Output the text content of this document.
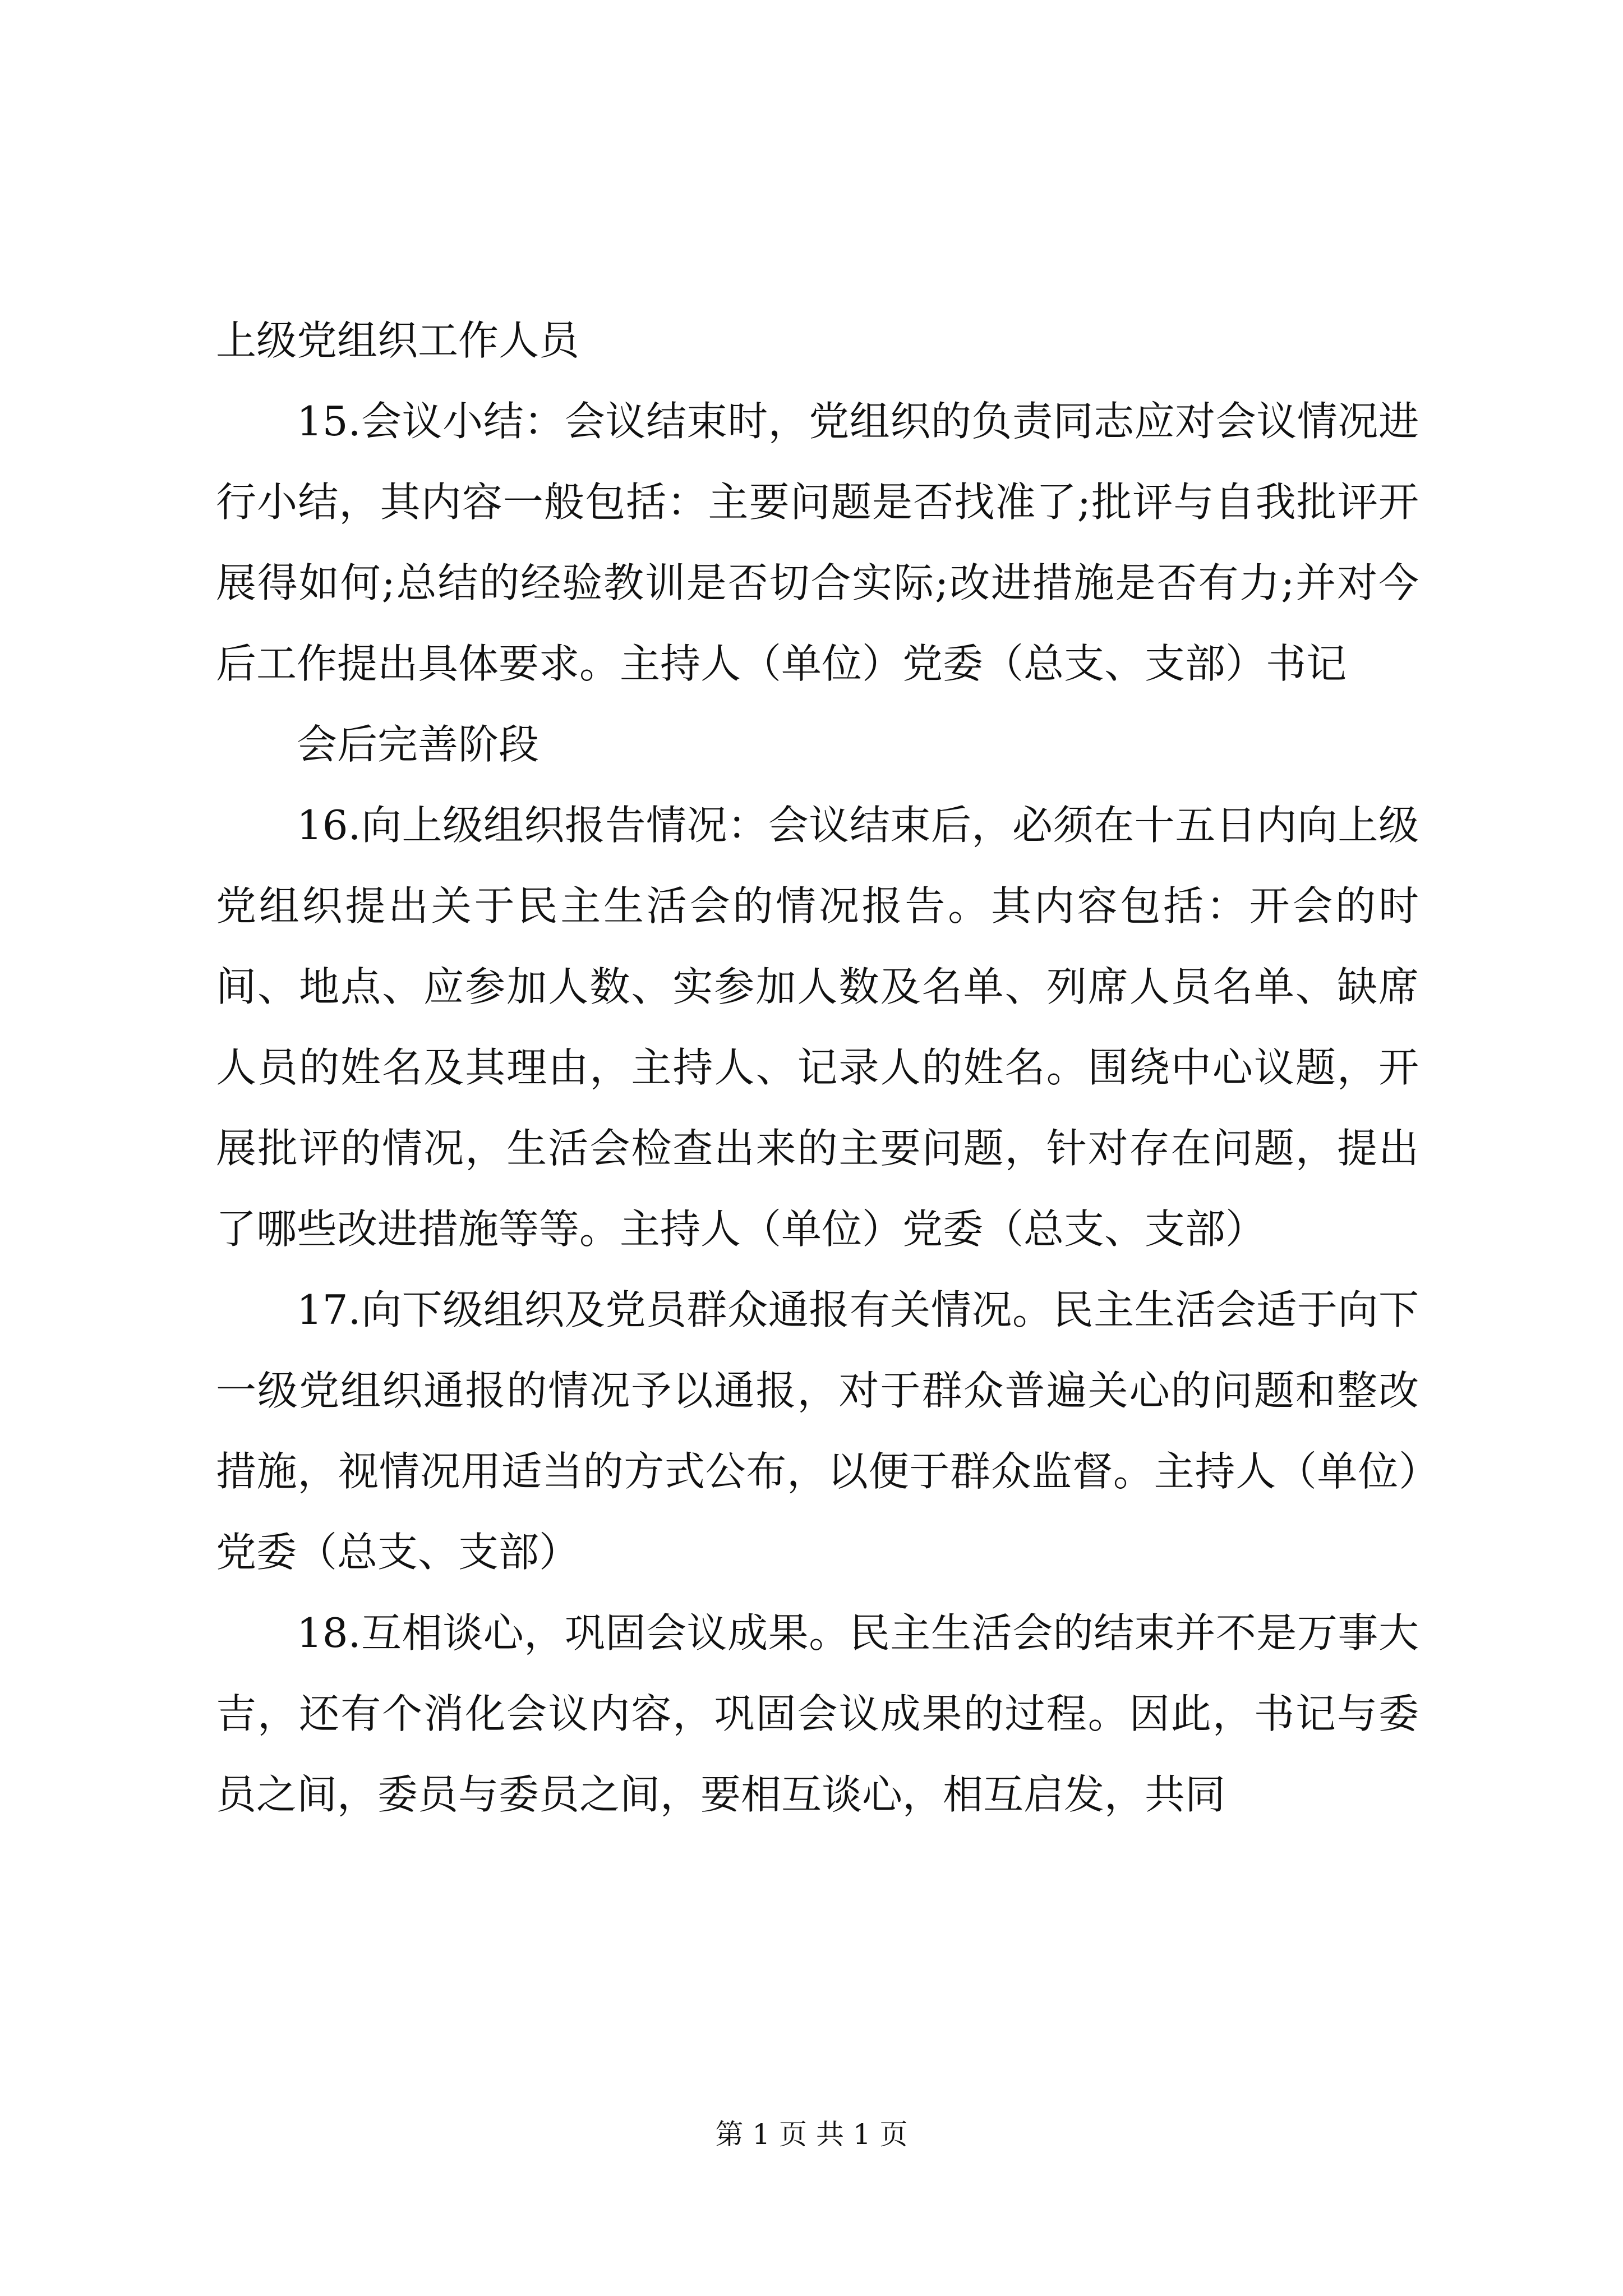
上级党组织工作人员

15.会议小结：会议结束时，党组织的负责同志应对会议情况进行小结，其内容一般包括：主要问题是否找准了;批评与自我批评开展得如何;总结的经验教训是否切合实际;改进措施是否有力;并对今后工作提出具体要求。主持人（单位）党委（总支、支部）书记

会后完善阶段

16.向上级组织报告情况：会议结束后，必须在十五日内向上级党组织提出关于民主生活会的情况报告。其内容包括：开会的时间、地点、应参加人数、实参加人数及名单、列席人员名单、缺席人员的姓名及其理由，主持人、记录人的姓名。围绕中心议题，开展批评的情况，生活会检查出来的主要问题，针对存在问题，提出了哪些改进措施等等。主持人（单位）党委（总支、支部）

17.向下级组织及党员群众通报有关情况。民主生活会适于向下一级党组织通报的情况予以通报，对于群众普遍关心的问题和整改措施，视情况用适当的方式公布，以便于群众监督。主持人（单位）党委（总支、支部）

18.互相谈心，巩固会议成果。民主生活会的结束并不是万事大吉，还有个消化会议内容，巩固会议成果的过程。因此，书记与委员之间，委员与委员之间，要相互谈心，相互启发，共同

第 1 页 共 1 页
